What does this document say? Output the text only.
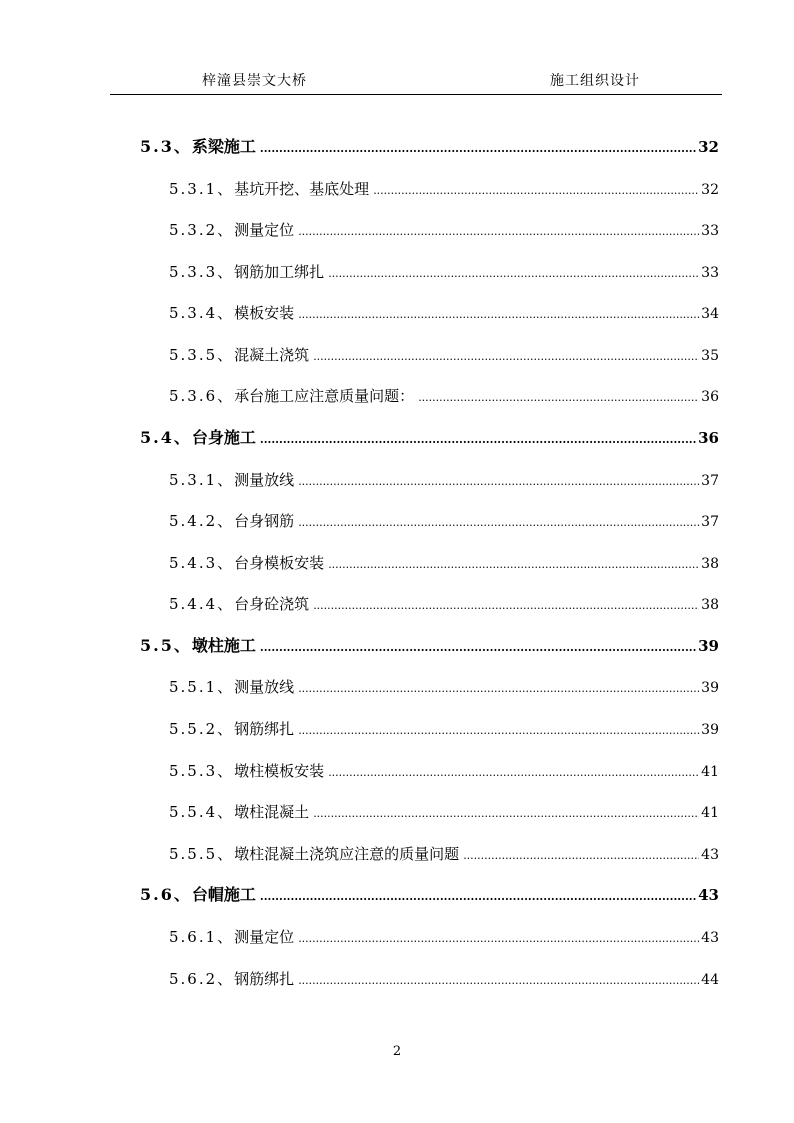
梓潼县崇文大桥	施工组织设计
5.3、 系梁施工 .....	32
5.3.1、 基坑开挖、基底处理 .....	32
5.3.2、 测量定位 .....	33
5.3.3、 钢筋加工绑扎 .....	33
5.3.4、 模板安装 .....	34
5.3.5、 混凝土浇筑 .....	35
5.3.6、 承台施工应注意质量问题： .....	36
5.4、 台身施工 .....	36
5.3.1、 测量放线 .....	37
5.4.2、 台身钢筋 .....	37
5.4.3、 台身模板安装 .....	38
5.4.4、 台身砼浇筑 .....	38
5.5、 墩柱施工 .....	39
5.5.1、 测量放线 .....	39
5.5.2、 钢筋绑扎 .....	39
5.5.3、 墩柱模板安装 .....	41
5.5.4、 墩柱混凝土 .....	41
5.5.5、 墩柱混凝土浇筑应注意的质量问题 .....	43
5.6、 台帽施工 .....	43
5.6.1、 测量定位 .....	43
5.6.2、 钢筋绑扎 .....	44
2
